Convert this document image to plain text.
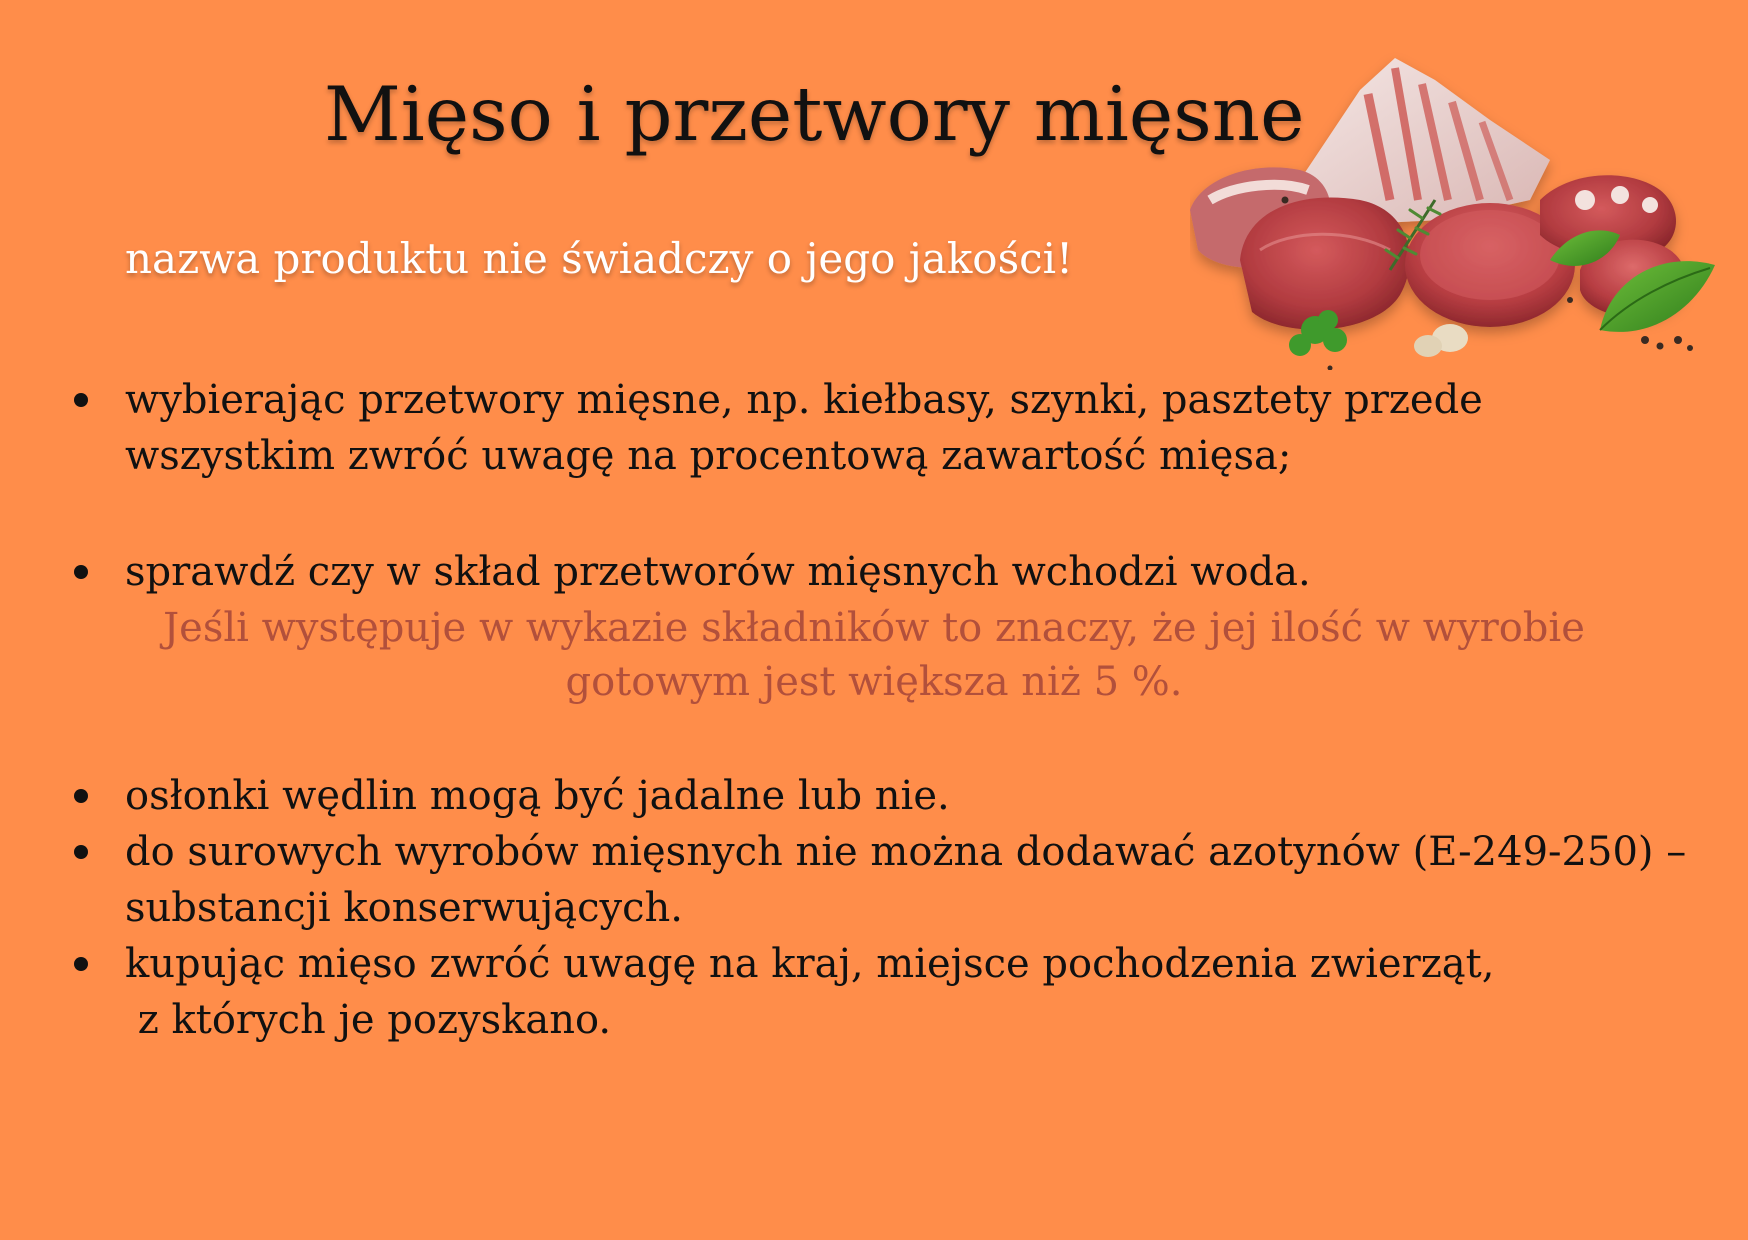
Mięso i przetwory mięsne
nazwa produktu nie świadczy o jego jakości!
wybierając przetwory mięsne, np. kiełbasy, szynki, pasztety przede
wszystkim zwróć uwagę na procentową zawartość mięsa;
sprawdź czy w skład przetworów mięsnych wchodzi woda.
Jeśli występuje w wykazie składników to znaczy, że jej ilość w wyrobie
gotowym jest większa niż 5 %.
osłonki wędlin mogą być jadalne lub nie.
do surowych wyrobów mięsnych nie można dodawać azotynów (E-249-250) –
substancji konserwujących.
kupując mięso zwróć uwagę na kraj, miejsce pochodzenia zwierząt,
z których je pozyskano.
